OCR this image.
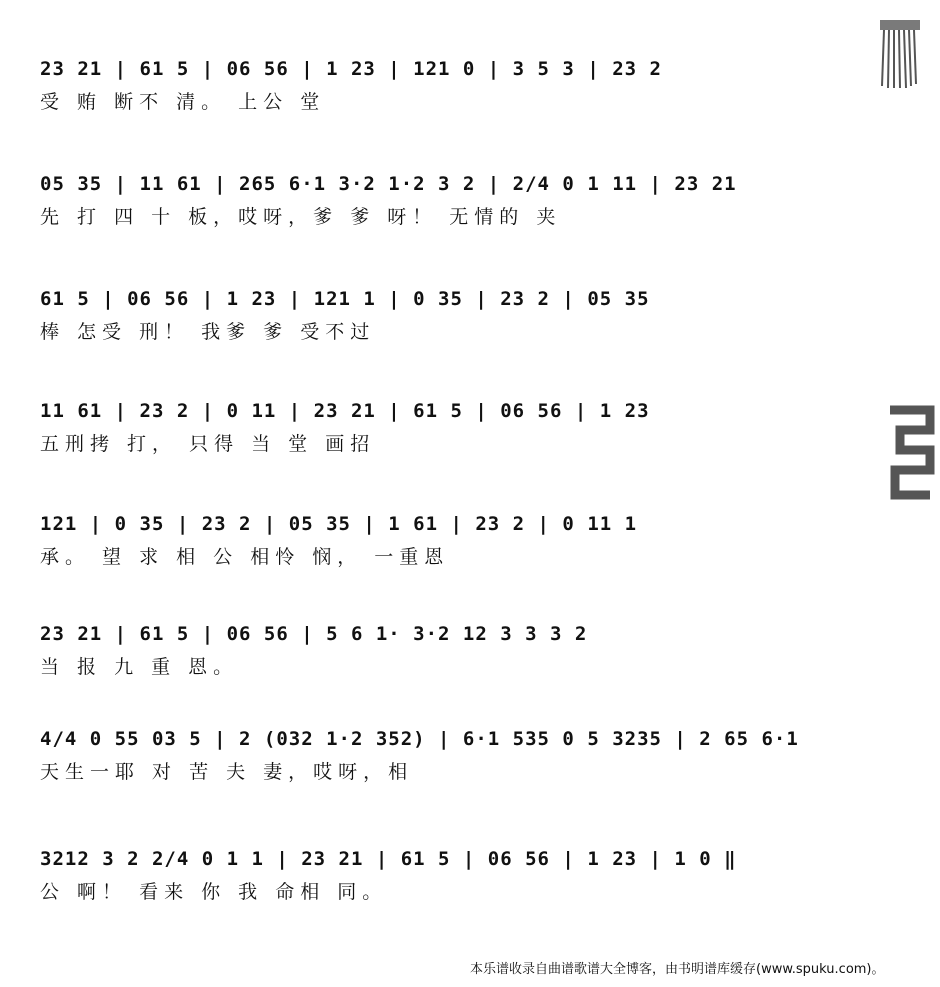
23 21 | 61 5 | 06 56 | 1 23 | 121 0 | 3 5 3 | 23 2
受 贿 断不 清。 上公 堂
05 35 | 11 61 | 265 6·1 3·2 1·2 3 2 | 2/4 0 1 11 | 23 21
先 打 四 十 板，哎呀，爹 爹 呀！ 无情的 夹
61 5 | 06 56 | 1 23 | 121 1 | 0 35 | 23 2 | 05 35
棒 怎受 刑！ 我爹 爹 受不过
11 61 | 23 2 | 0 11 | 23 21 | 61 5 | 06 56 | 1 23
五刑拷 打， 只得 当 堂 画招
121 | 0 35 | 23 2 | 05 35 | 1 61 | 23 2 | 0 11 1
承。 望 求 相 公 相怜 悯， 一重恩
23 21 | 61 5 | 06 56 | 5 6 1· 3·2 12 3 3 3 2
当 报 九 重 恩。
4/4 0 55 03 5 | 2 (032 1·2 352) | 6·1 535 0 5 3235 | 2 65 6·1
天生一耶 对 苦 夫 妻，哎呀，相
3212 3 2 2/4 0 1 1 | 23 21 | 61 5 | 06 56 | 1 23 | 1 0 ‖
公 啊！ 看来 你 我 命相 同。
本乐谱收录自曲谱歌谱大全博客，由书明谱库缓存(www.spuku.com)。
